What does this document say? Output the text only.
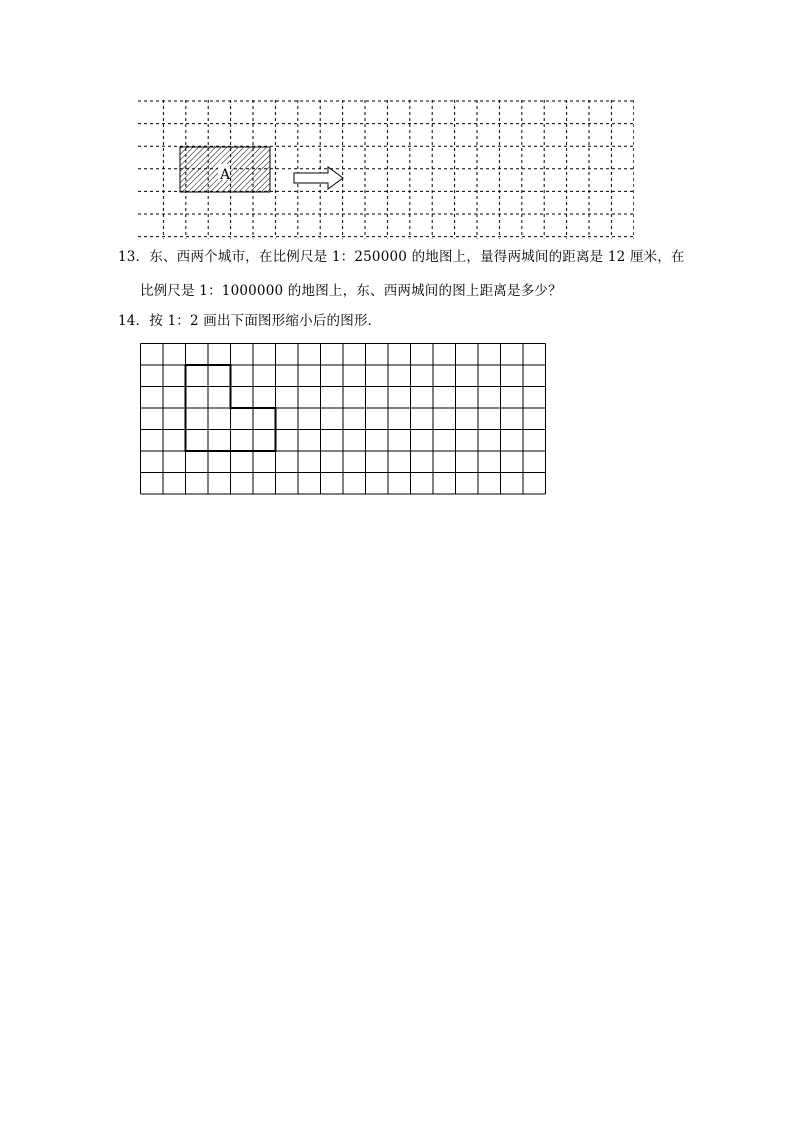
A
13．东、西两个城市，在比例尺是 1：250000 的地图上，量得两城间的距离是 12 厘米，在
比例尺是 1：1000000 的地图上，东、西两城间的图上距离是多少？
14．按 1：2 画出下面图形缩小后的图形．
